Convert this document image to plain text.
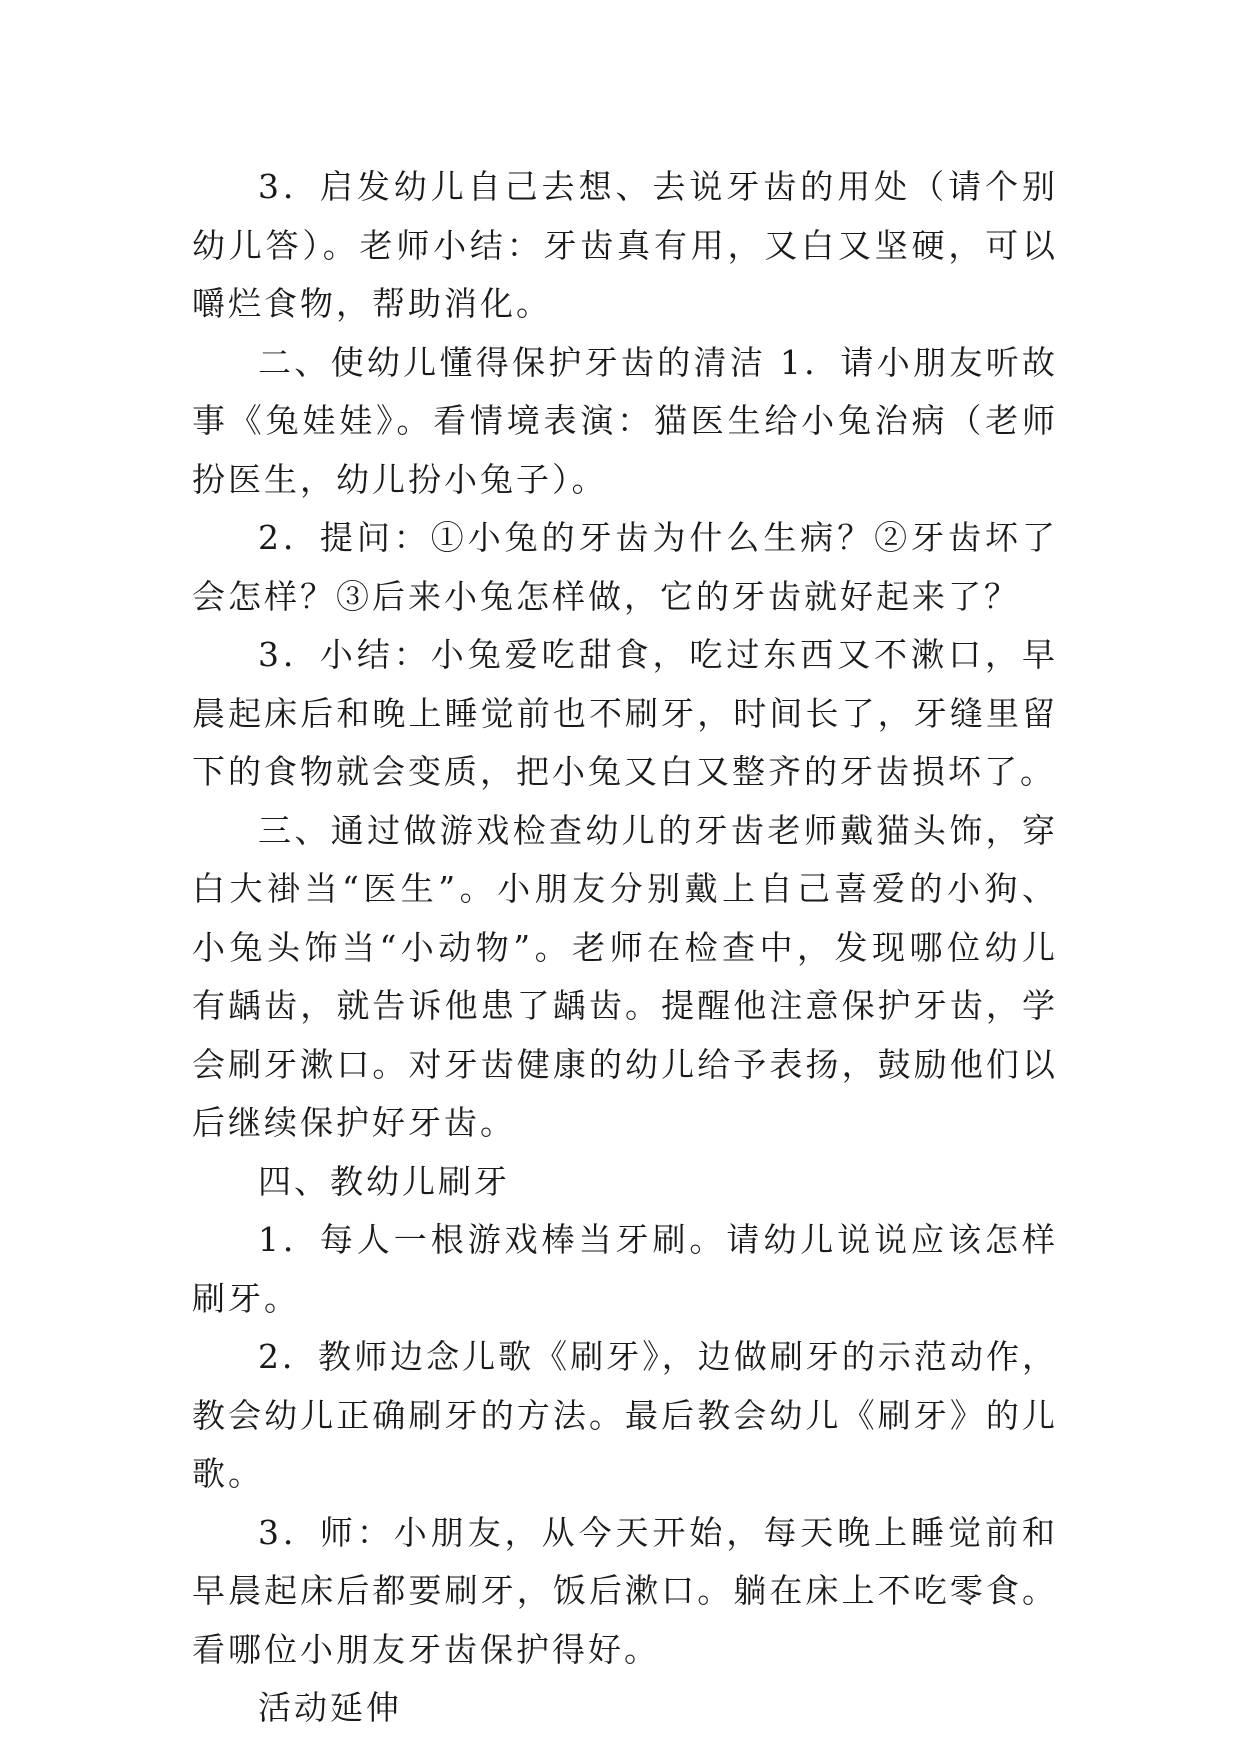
3．启发幼儿自己去想、去说牙齿的用处（请个别幼儿答）。老师小结：牙齿真有用，又白又坚硬，可以嚼烂食物，帮助消化。

二、使幼儿懂得保护牙齿的清洁 1．请小朋友听故事《兔娃娃》。看情境表演：猫医生给小兔治病（老师扮医生，幼儿扮小兔子）。

2．提问：①小兔的牙齿为什么生病？②牙齿坏了会怎样？③后来小兔怎样做，它的牙齿就好起来了？

3．小结：小兔爱吃甜食，吃过东西又不漱口，早晨起床后和晚上睡觉前也不刷牙，时间长了，牙缝里留下的食物就会变质，把小兔又白又整齐的牙齿损坏了。

三、通过做游戏检查幼儿的牙齿老师戴猫头饰，穿白大褂当“医生”。小朋友分别戴上自己喜爱的小狗、小兔头饰当“小动物”。老师在检查中，发现哪位幼儿有龋齿，就告诉他患了龋齿。提醒他注意保护牙齿，学会刷牙漱口。对牙齿健康的幼儿给予表扬，鼓励他们以后继续保护好牙齿。

四、教幼儿刷牙

1．每人一根游戏棒当牙刷。请幼儿说说应该怎样刷牙。

2．教师边念儿歌《刷牙》，边做刷牙的示范动作，教会幼儿正确刷牙的方法。最后教会幼儿《刷牙》的儿歌。

3．师：小朋友，从今天开始，每天晚上睡觉前和早晨起床后都要刷牙，饭后漱口。躺在床上不吃零食。看哪位小朋友牙齿保护得好。

活动延伸
